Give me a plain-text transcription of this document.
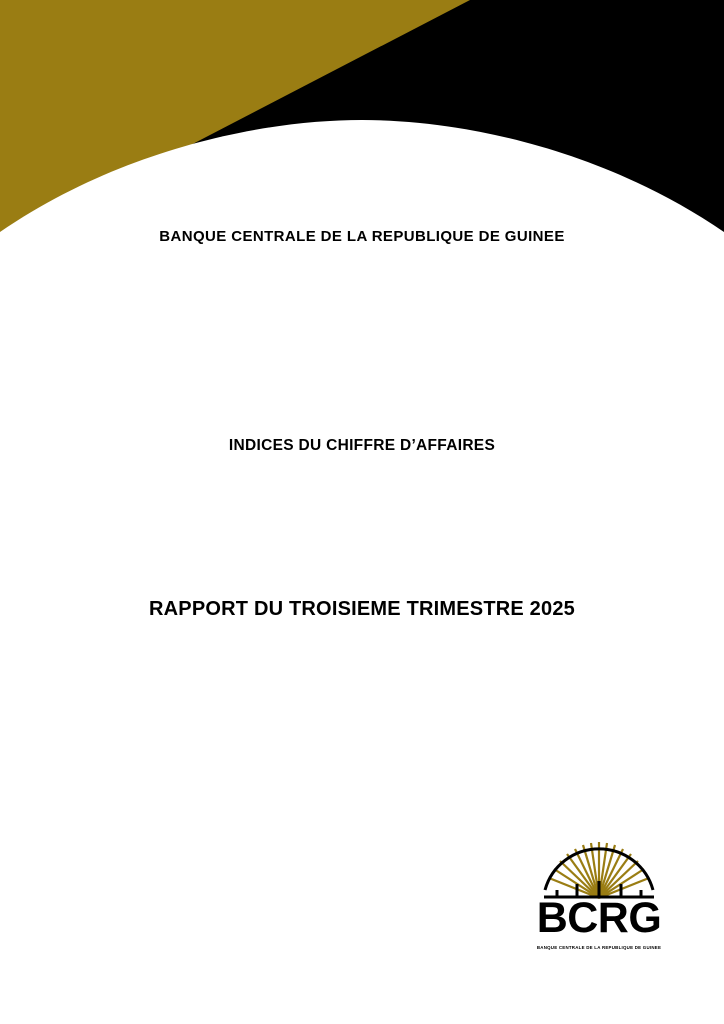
BANQUE CENTRALE DE LA REPUBLIQUE DE GUINEE
INDICES DU CHIFFRE D’AFFAIRES
RAPPORT DU TROISIEME TRIMESTRE 2025
BCRG
BANQUE CENTRALE DE LA REPUBLIQUE DE GUINEE
